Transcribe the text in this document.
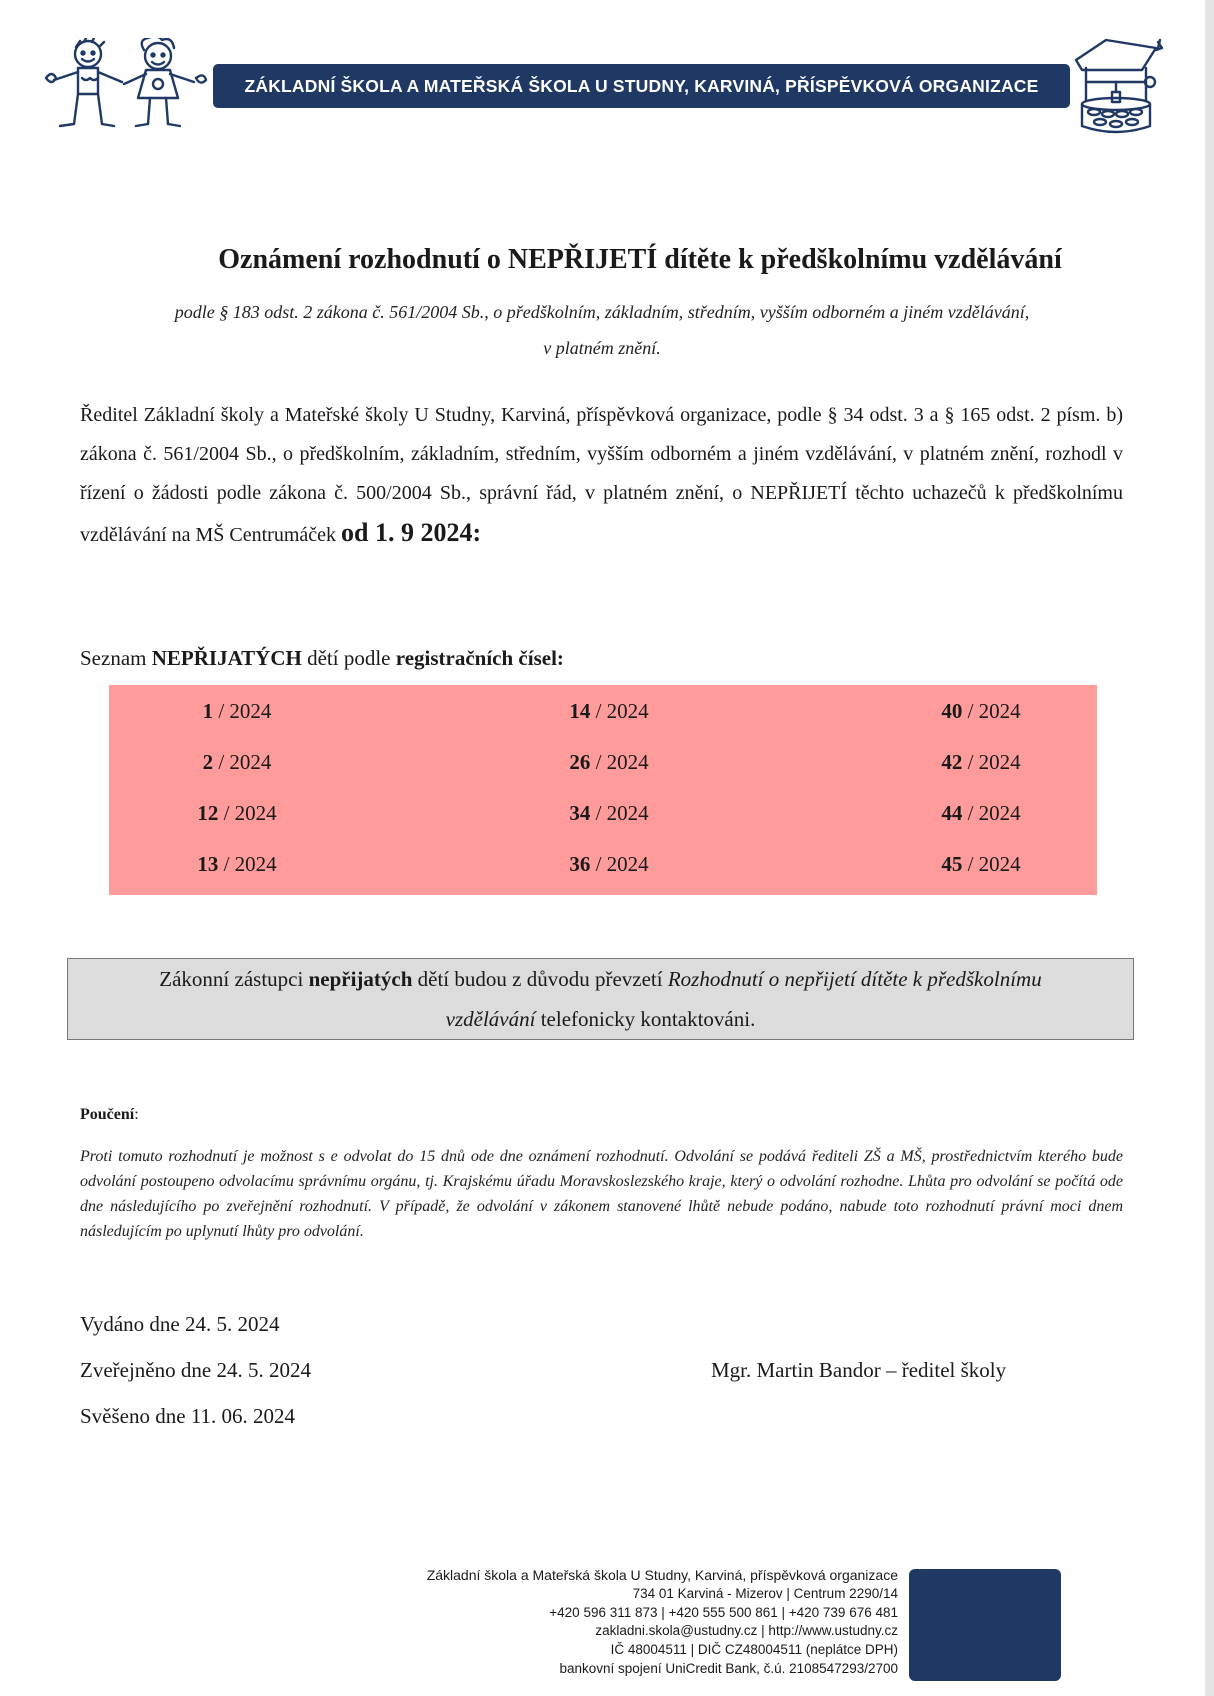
ZÁKLADNÍ ŠKOLA A MATEŘSKÁ ŠKOLA U STUDNY, KARVINÁ, PŘÍSPĚVKOVÁ ORGANIZACE
Oznámení rozhodnutí o NEPŘIJETÍ dítěte k předškolnímu vzdělávání
podle § 183 odst. 2 zákona č. 561/2004 Sb., o předškolním, základním, středním, vyšším odborném a jiném vzdělávání,
v platném znění.
Ředitel Základní školy a Mateřské školy U Studny, Karviná, příspěvková organizace, podle § 34 odst. 3 a § 165 odst. 2 písm. b) zákona č. 561/2004 Sb., o předškolním, základním, středním, vyšším odborném a jiném vzdělávání, v platném znění, rozhodl v řízení o žádosti podle zákona č. 500/2004 Sb., správní řád, v platném znění, o NEPŘIJETÍ těchto uchazečů k předškolnímu vzdělávání na MŠ Centrumáček od 1. 9 2024:
Seznam NEPŘIJATÝCH dětí podle registračních čísel:
1 / 2024
2 / 2024
12 / 2024
13 / 2024
14 / 2024
26 / 2024
34 / 2024
36 / 2024
40 / 2024
42 / 2024
44 / 2024
45 / 2024
Zákonní zástupci nepřijatých dětí budou z důvodu převzetí Rozhodnutí o nepřijetí dítěte k předškolnímu
vzdělávání telefonicky kontaktováni.
Poučení:
Proti tomuto rozhodnutí je možnost s e odvolat do 15 dnů ode dne oznámení rozhodnutí. Odvolání se podává řediteli ZŠ a MŠ, prostřednictvím kterého bude odvolání postoupeno odvolacímu správnímu orgánu, tj. Krajskému úřadu Moravskoslezského kraje, který o odvolání rozhodne. Lhůta pro odvolání se počítá ode dne následujícího po zveřejnění rozhodnutí. V případě, že odvolání v zákonem stanovené lhůtě nebude podáno, nabude toto rozhodnutí právní moci dnem následujícím po uplynutí lhůty pro odvolání.
Vydáno dne 24. 5. 2024
Zveřejněno dne 24. 5. 2024
Svěšeno dne 11. 06. 2024
Mgr. Martin Bandor – ředitel školy
Základní škola a Mateřská škola U Studny, Karviná, příspěvková organizace
734 01 Karviná - Mizerov | Centrum 2290/14
+420 596 311 873 | +420 555 500 861 | +420 739 676 481
zakladni.skola@ustudny.cz | http://www.ustudny.cz
IČ 48004511 | DIČ CZ48004511 (neplátce DPH)
bankovní spojení UniCredit Bank, č.ú. 2108547293/2700
